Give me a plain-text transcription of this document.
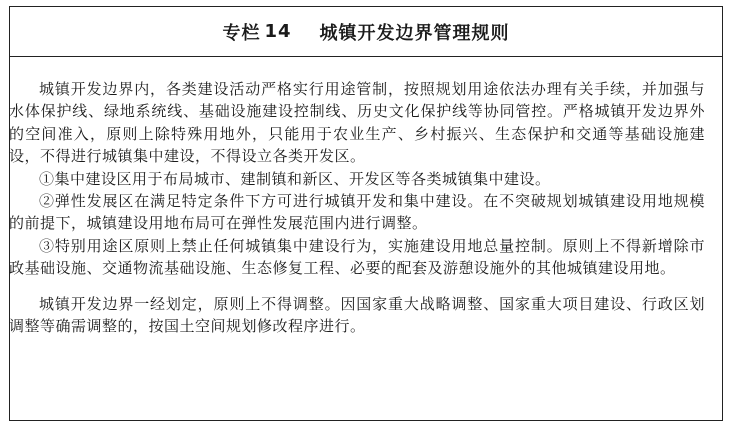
专栏 14 城镇开发边界管理规则

城镇开发边界内，各类建设活动严格实行用途管制，按照规划用途依法办理有关手续，并加强与水体保护线、绿地系统线、基础设施建设控制线、历史文化保护线等协同管控。严格城镇开发边界外的空间准入，原则上除特殊用地外，只能用于农业生产、乡村振兴、生态保护和交通等基础设施建设，不得进行城镇集中建设，不得设立各类开发区。

①集中建设区用于布局城市、建制镇和新区、开发区等各类城镇集中建设。

②弹性发展区在满足特定条件下方可进行城镇开发和集中建设。在不突破规划城镇建设用地规模的前提下，城镇建设用地布局可在弹性发展范围内进行调整。

③特别用途区原则上禁止任何城镇集中建设行为，实施建设用地总量控制。原则上不得新增除市政基础设施、交通物流基础设施、生态修复工程、必要的配套及游憩设施外的其他城镇建设用地。

城镇开发边界一经划定，原则上不得调整。因国家重大战略调整、国家重大项目建设、行政区划调整等确需调整的，按国土空间规划修改程序进行。
